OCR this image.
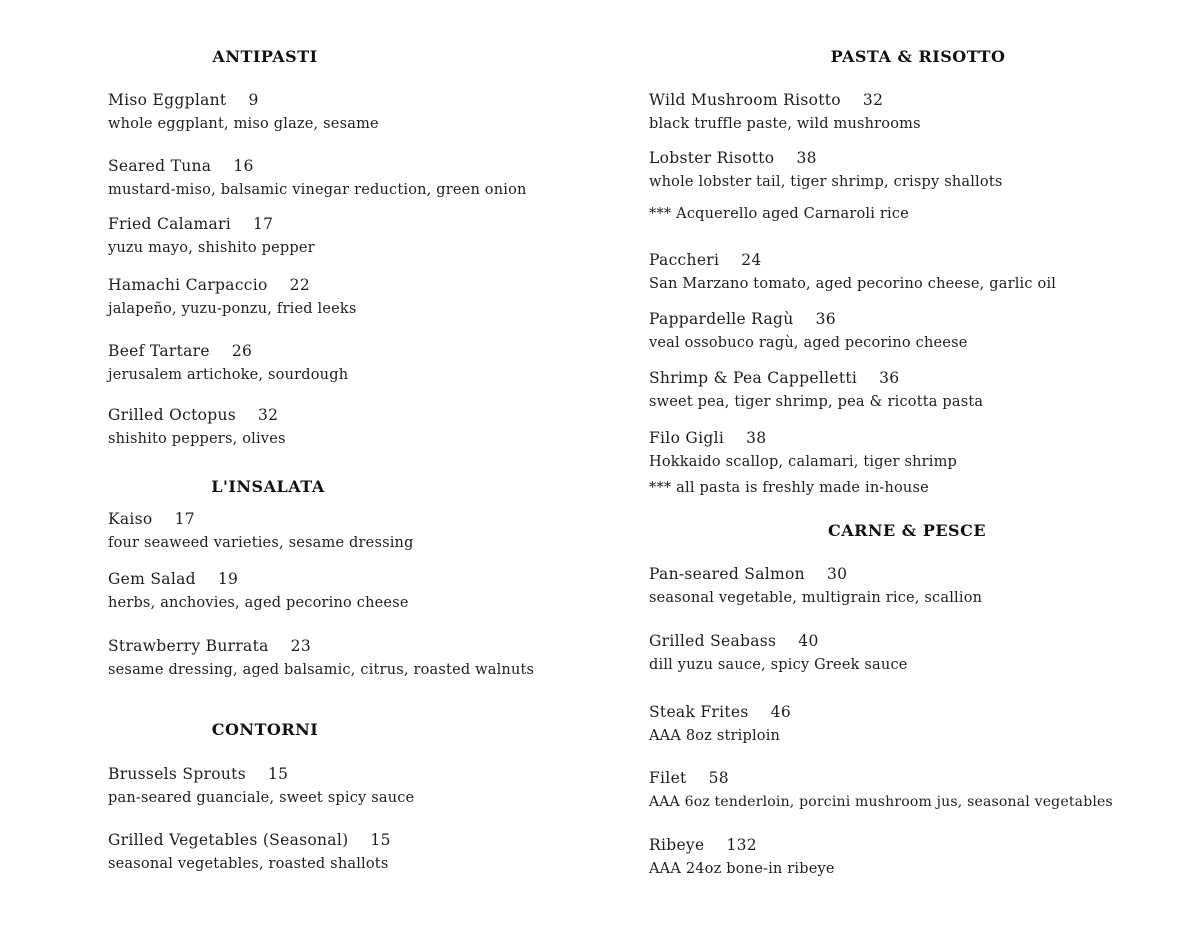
ANTIPASTI
Miso Eggplant 9
whole eggplant, miso glaze, sesame
Seared Tuna 16
mustard-miso, balsamic vinegar reduction, green onion
Fried Calamari 17
yuzu mayo, shishito pepper
Hamachi Carpaccio 22
jalapeño, yuzu-ponzu, fried leeks
Beef Tartare 26
jerusalem artichoke, sourdough
Grilled Octopus 32
shishito peppers, olives
L'INSALATA
Kaiso 17
four seaweed varieties, sesame dressing
Gem Salad 19
herbs, anchovies, aged pecorino cheese
Strawberry Burrata 23
sesame dressing, aged balsamic, citrus, roasted walnuts
CONTORNI
Brussels Sprouts 15
pan-seared guanciale, sweet spicy sauce
Grilled Vegetables (Seasonal) 15
seasonal vegetables, roasted shallots
PASTA & RISOTTO
Wild Mushroom Risotto 32
black truffle paste, wild mushrooms
Lobster Risotto 38
whole lobster tail, tiger shrimp, crispy shallots
*** Acquerello aged Carnaroli rice
Paccheri 24
San Marzano tomato, aged pecorino cheese, garlic oil
Pappardelle Ragù 36
veal ossobuco ragù, aged pecorino cheese
Shrimp & Pea Cappelletti 36
sweet pea, tiger shrimp, pea & ricotta pasta
Filo Gigli 38
Hokkaido scallop, calamari, tiger shrimp
*** all pasta is freshly made in-house
CARNE & PESCE
Pan-seared Salmon 30
seasonal vegetable, multigrain rice, scallion
Grilled Seabass 40
dill yuzu sauce, spicy Greek sauce
Steak Frites 46
AAA 8oz striploin
Filet 58
AAA 6oz tenderloin, porcini mushroom jus, seasonal vegetables
Ribeye 132
AAA 24oz bone-in ribeye
